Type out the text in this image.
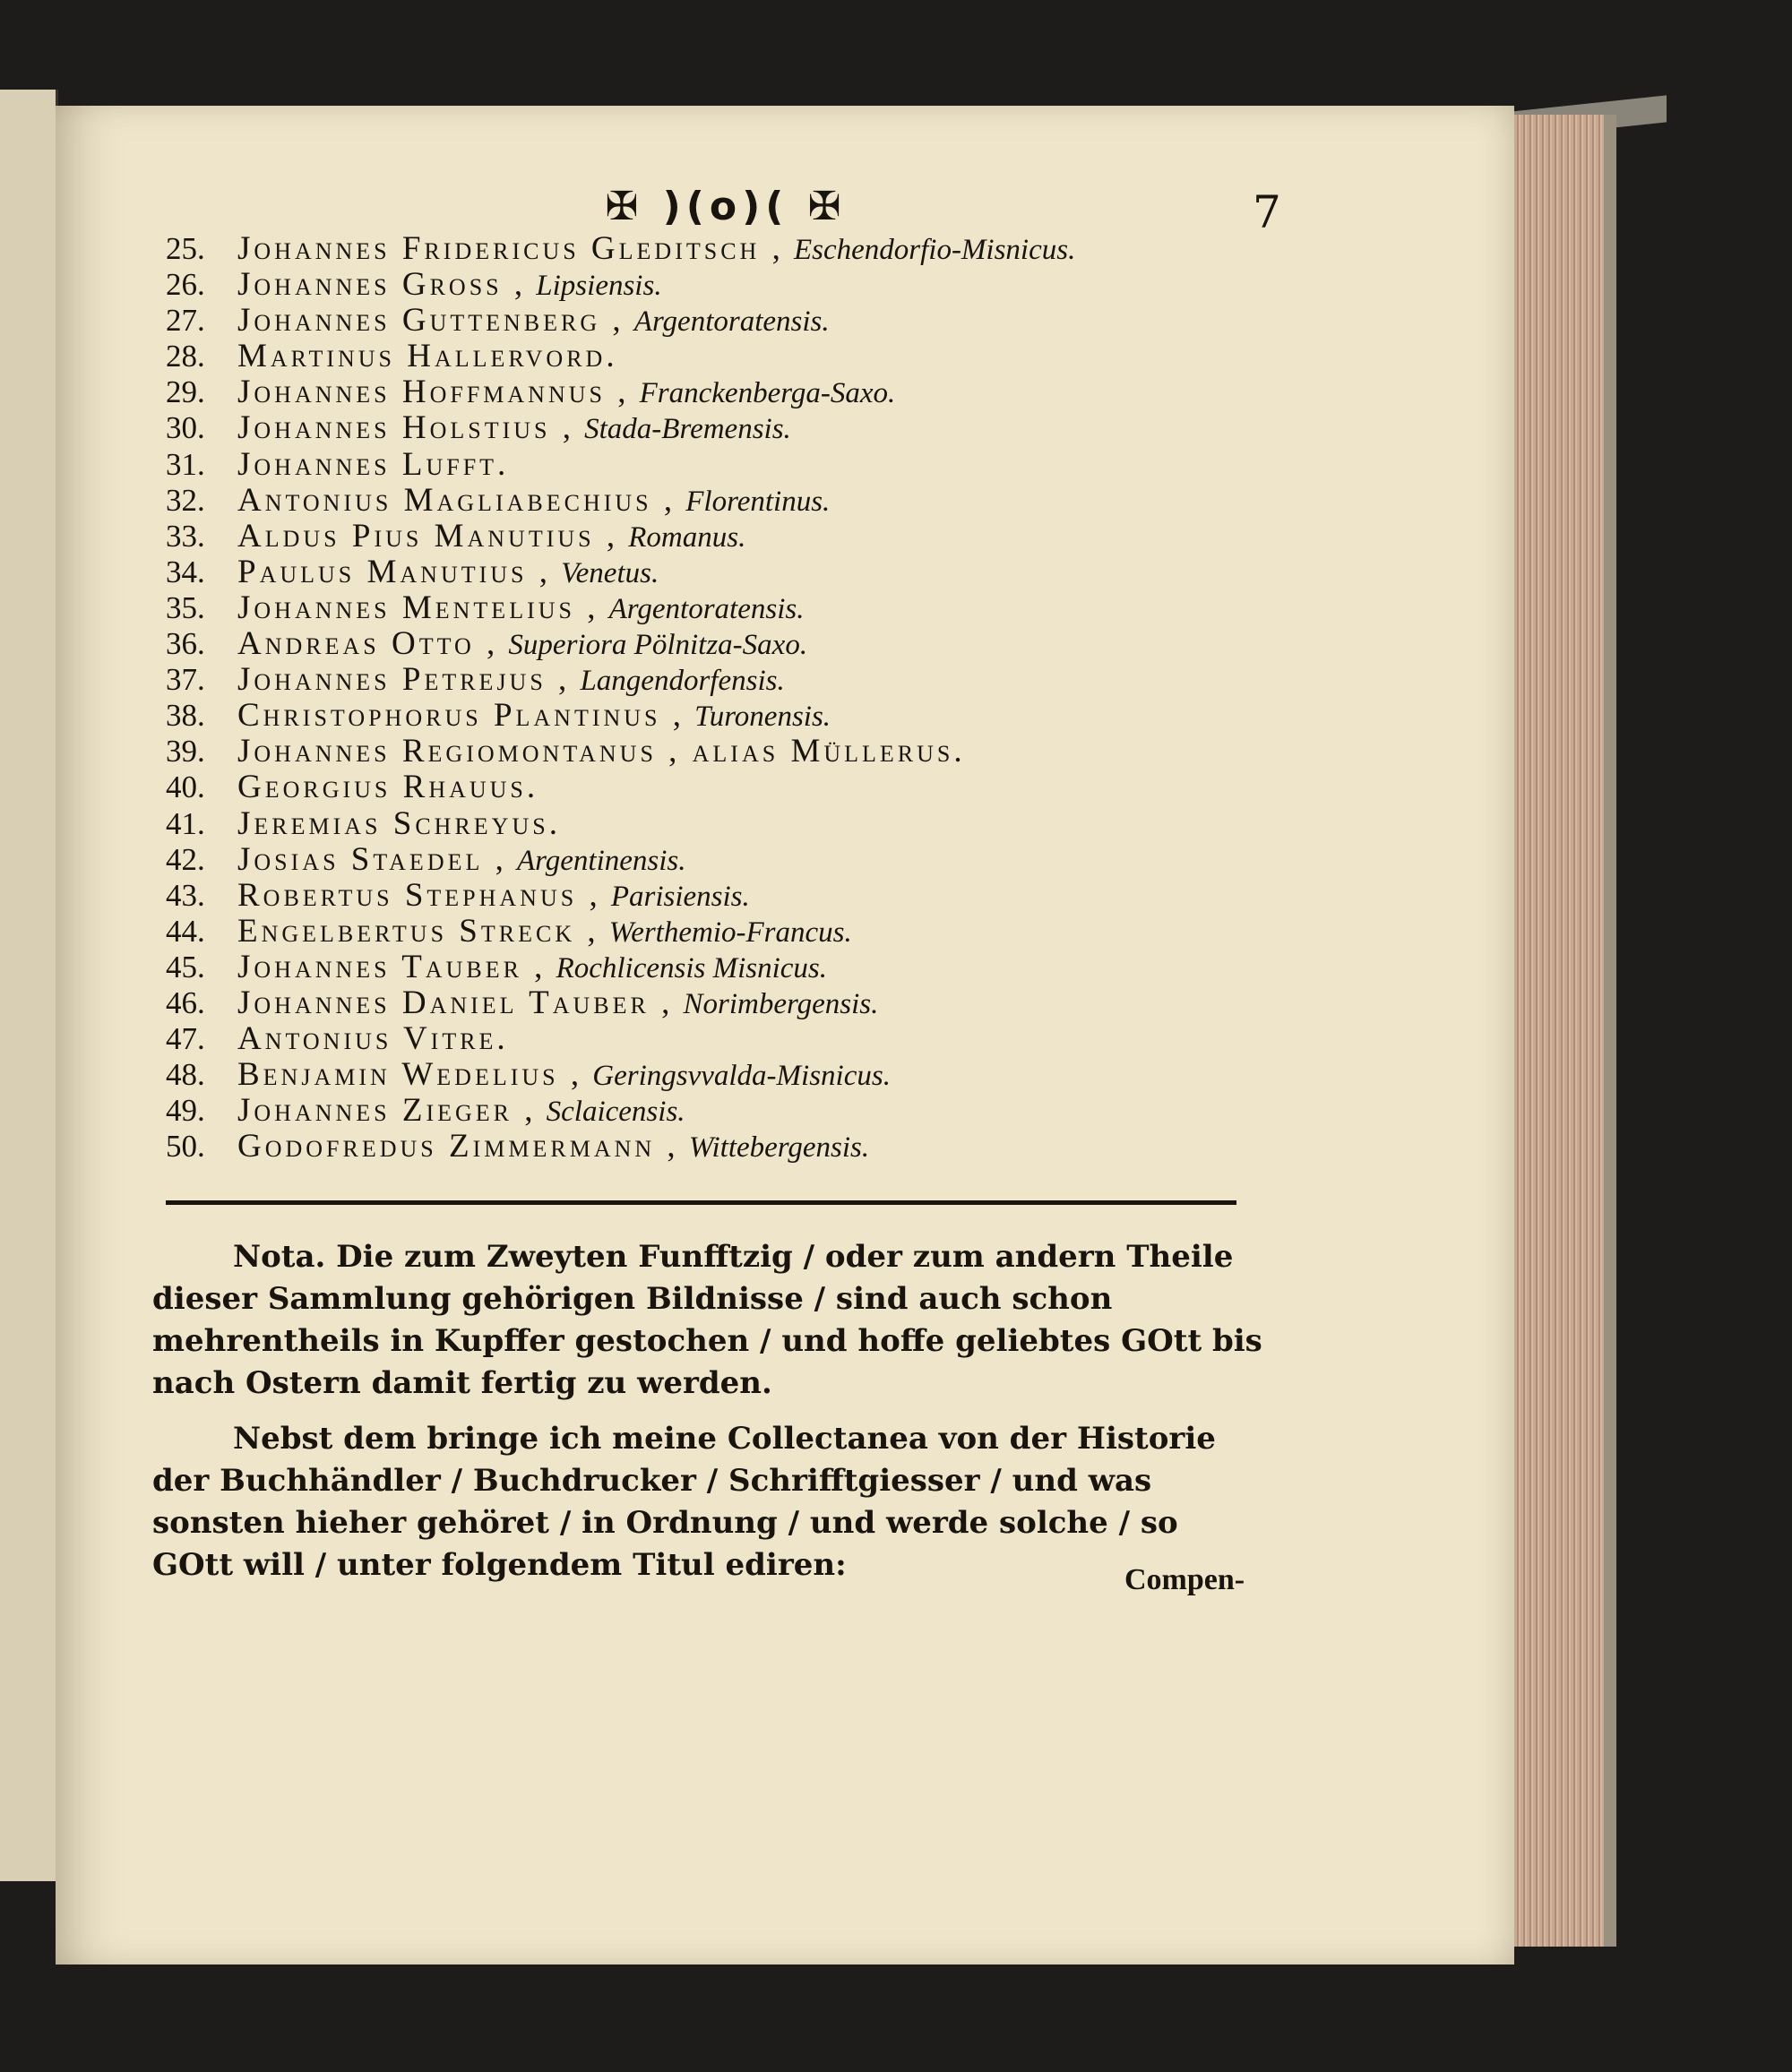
✠ )(o)( ✠	7
25. Johannes Fridericus Gleditsch , Eschendorfio-Misnicus.
26. Johannes Gross , Lipsiensis.
27. Johannes Guttenberg , Argentoratensis.
28. Martinus Hallervord.
29. Johannes Hoffmannus , Franckenberga-Saxo.
30. Johannes Holstius , Stada-Bremensis.
31. Johannes Lufft.
32. Antonius Magliabechius , Florentinus.
33. Aldus Pius Manutius , Romanus.
34. Paulus Manutius , Venetus.
35. Johannes Mentelius , Argentoratensis.
36. Andreas Otto , Superiora Pölnitza-Saxo.
37. Johannes Petrejus , Langendorfensis.
38. Christophorus Plantinus , Turonensis.
39. Johannes Regiomontanus , alias Müllerus.
40. Georgius Rhauus.
41. Jeremias Schreyus.
42. Josias Staedel , Argentinensis.
43. Robertus Stephanus , Parisiensis.
44. Engelbertus Streck , Werthemio-Francus.
45. Johannes Tauber , Rochlicensis Misnicus.
46. Johannes Daniel Tauber , Norimbergensis.
47. Antonius Vitre.
48. Benjamin Wedelius , Geringsvvalda-Misnicus.
49. Johannes Zieger , Sclaicensis.
50. Godofredus Zimmermann , Wittebergensis.
Nota. Die zum Zweyten Funfftzig / oder zum andern Theile dieser Sammlung gehörigen Bildnisse / sind auch schon mehrentheils in Kupffer gestochen / und hoffe geliebtes GOtt bis nach Ostern damit fertig zu werden.
Nebst dem bringe ich meine Collectanea von der Historie der Buchhändler / Buchdrucker / Schrifftgiesser / und was sonsten hieher gehöret / in Ordnung / und werde solche / so GOtt will / unter folgendem Titul ediren:	Compen-
